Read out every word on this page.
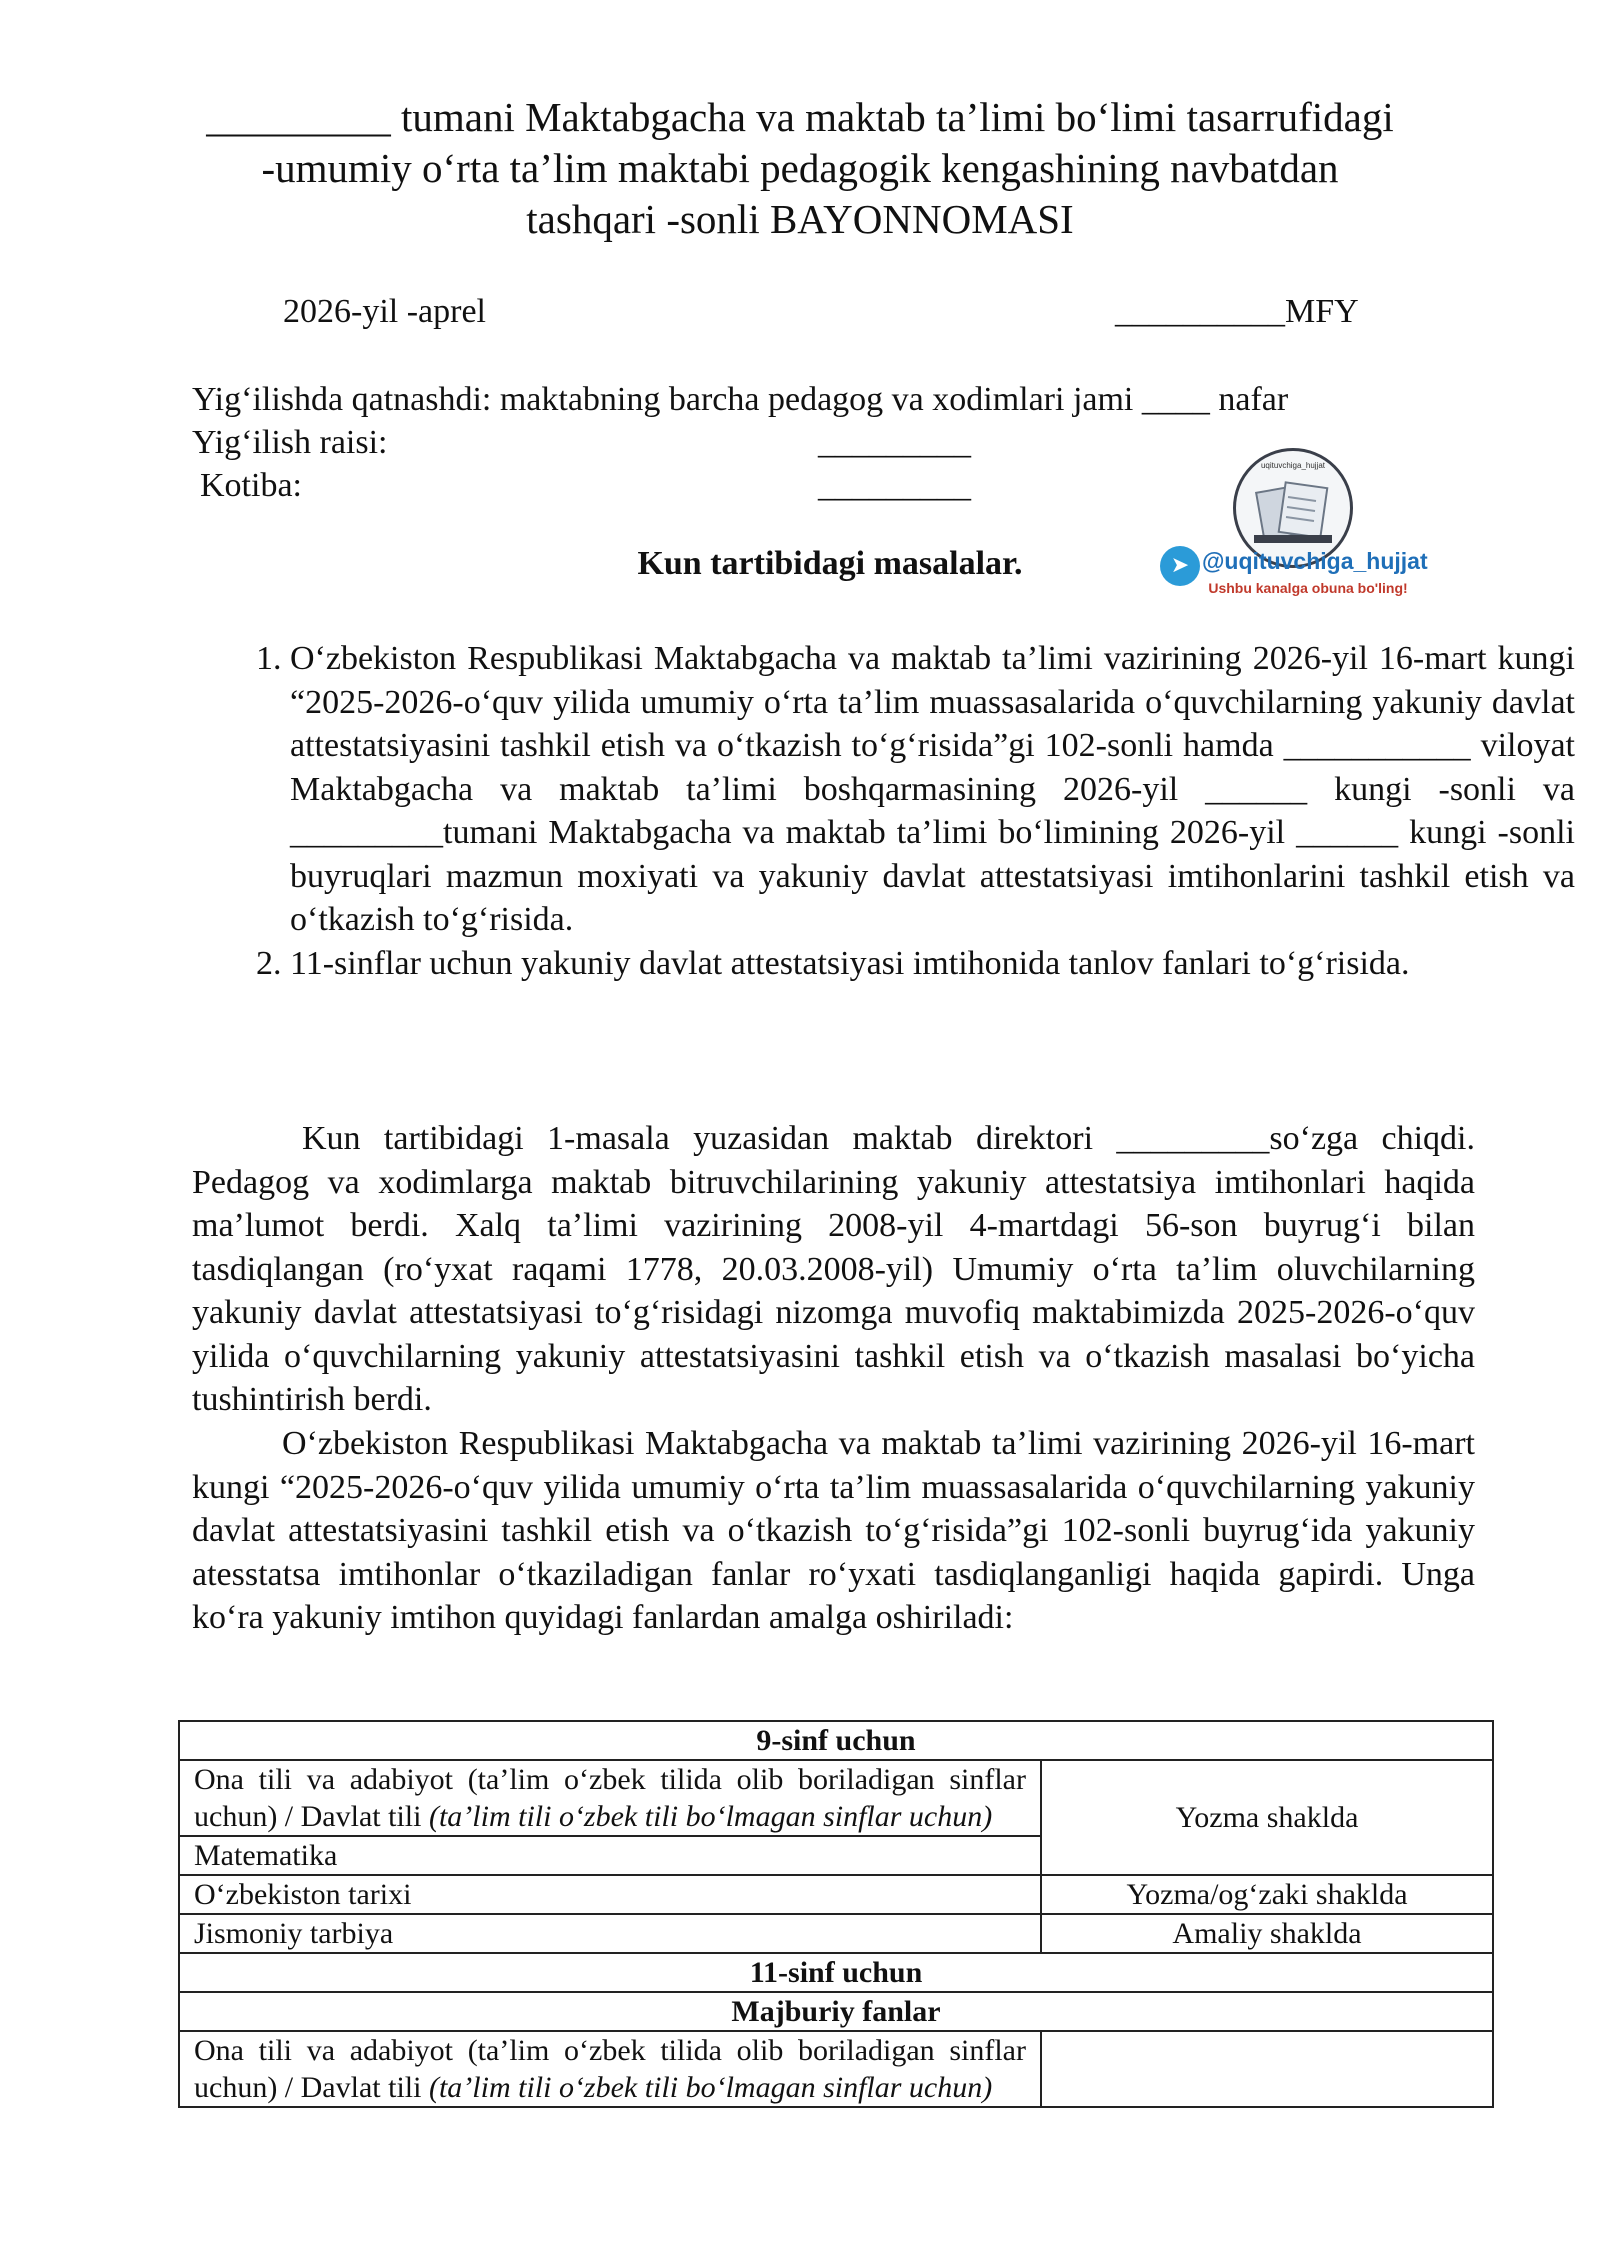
_________ tumani Maktabgacha va maktab ta’limi bo‘limi tasarrufidagi
-umumiy o‘rta ta’lim maktabi pedagogik kengashining navbatdan
tashqari -sonli BAYONNOMASI
2026-yil -aprel	__________MFY
Yig‘ilishda qatnashdi: maktabning barcha pedagog va xodimlari jami ____ nafar
Yig‘ilish raisi:	_________
Kotiba:	_________
uqituvchiga_hujjat
➤ @uqituvchiga_hujjat
Ushbu kanalga obuna bo'ling!
Kun tartibidagi masalalar.
1. O‘zbekiston Respublikasi Maktabgacha va maktab ta’limi vazirining 2026-yil 16-mart kungi “2025-2026-o‘quv yilida umumiy o‘rta ta’lim muassasalarida o‘quvchilarning yakuniy davlat attestatsiyasini tashkil etish va o‘tkazish to‘g‘risida”gi 102-sonli hamda ___________ viloyat Maktabgacha va maktab ta’limi boshqarmasining 2026-yil ______ kungi -sonli va _________tumani Maktabgacha va maktab ta’limi bo‘limining 2026-yil ______ kungi -sonli buyruqlari mazmun moxiyati va yakuniy davlat attestatsiyasi imtihonlarini tashkil etish va o‘tkazish to‘g‘risida.
2. 11-sinflar uchun yakuniy davlat attestatsiyasi imtihonida tanlov fanlari to‘g‘risida.
Kun tartibidagi 1-masala yuzasidan maktab direktori _________so‘zga chiqdi. Pedagog va xodimlarga maktab bitruvchilarining yakuniy attestatsiya imtihonlari haqida ma’lumot berdi. Xalq ta’limi vazirining 2008-yil 4-martdagi 56-son buyrug‘i bilan tasdiqlangan (ro‘yxat raqami 1778, 20.03.2008-yil) Umumiy o‘rta ta’lim oluvchilarning yakuniy davlat attestatsiyasi to‘g‘risidagi nizomga muvofiq maktabimizda 2025-2026-o‘quv yilida o‘quvchilarning yakuniy attestatsiyasini tashkil etish va o‘tkazish masalasi bo‘yicha tushintirish berdi.
O‘zbekiston Respublikasi Maktabgacha va maktab ta’limi vazirining 2026-yil 16-mart kungi “2025-2026-o‘quv yilida umumiy o‘rta ta’lim muassasalarida o‘quvchilarning yakuniy davlat attestatsiyasini tashkil etish va o‘tkazish to‘g‘risida”gi 102-sonli buyrug‘ida yakuniy atesstatsa imtihonlar o‘tkaziladigan fanlar ro‘yxati tasdiqlanganligi haqida gapirdi. Unga ko‘ra yakuniy imtihon quyidagi fanlardan amalga oshiriladi:
9-sinf uchun	
Ona tili va adabiyot (ta’lim o‘zbek tilida olib boriladigan sinflar uchun) / Davlat tili (ta’lim tili o‘zbek tili bo‘lmagan sinflar uchun)	Yozma shaklda
Matematika	
O‘zbekiston tarixi	Yozma/og‘zaki shaklda
Jismoniy tarbiya	Amaliy shaklda
11-sinf uchun	
Majburiy fanlar	
Ona tili va adabiyot (ta’lim o‘zbek tilida olib boriladigan sinflar uchun) / Davlat tili (ta’lim tili o‘zbek tili bo‘lmagan sinflar uchun)	
